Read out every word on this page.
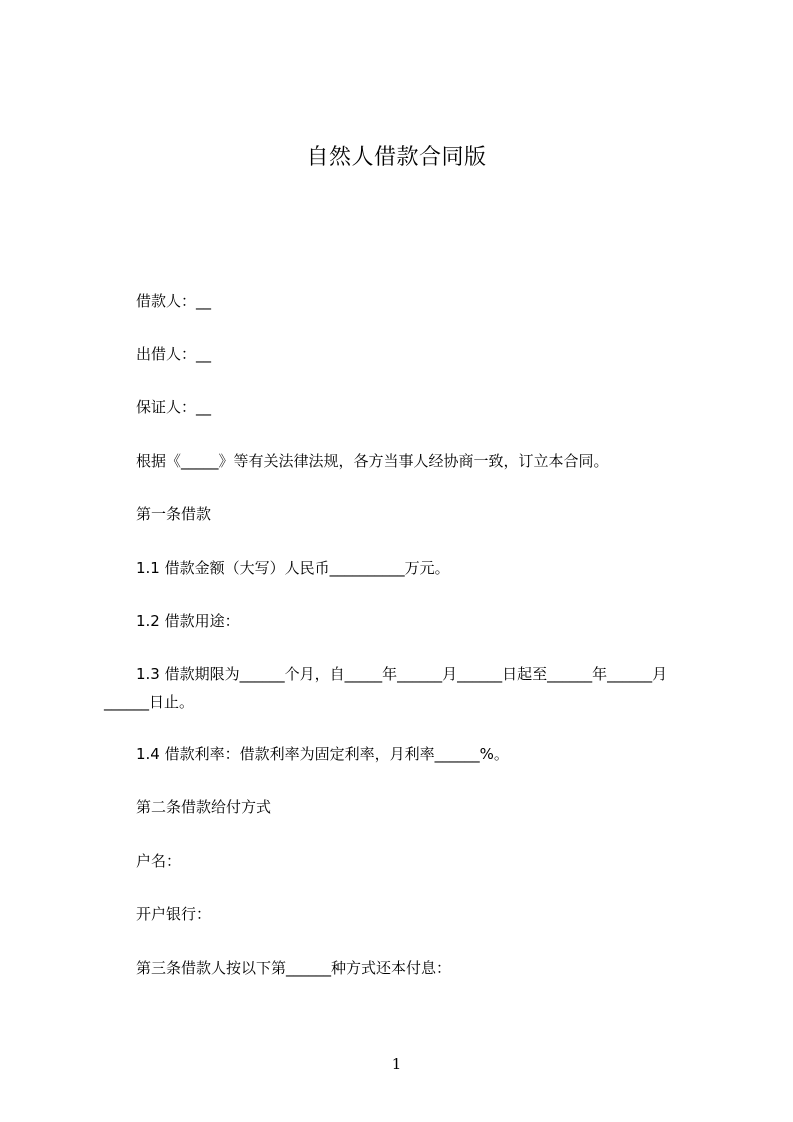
自然人借款合同版
借款人：__
出借人：__
保证人：__
根据《_____》等有关法律法规，各方当事人经协商一致，订立本合同。
第一条借款
1.1 借款金额（大写）人民币__________万元。
1.2 借款用途：
1.3 借款期限为______个月，自_____年______月______日起至______年______月______日止。
1.4 借款利率：借款利率为固定利率，月利率______%。
第二条借款给付方式
户名：
开户银行：
第三条借款人按以下第______种方式还本付息：
1
